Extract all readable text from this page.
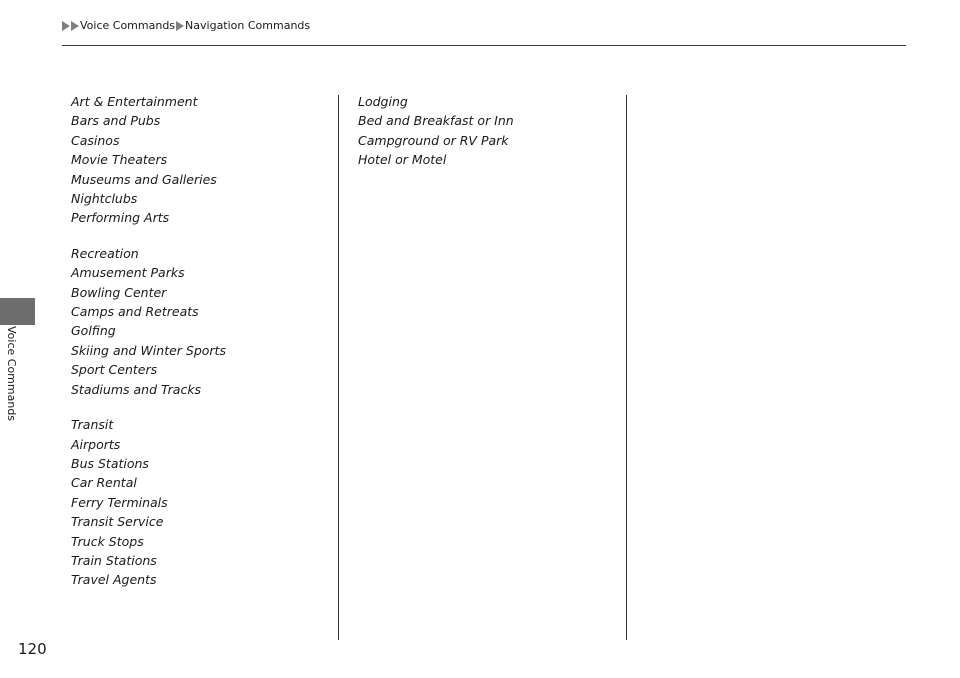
Voice Commands Navigation Commands
Voice Commands
Art & Entertainment
Bars and Pubs
Casinos
Movie Theaters
Museums and Galleries
Nightclubs
Performing Arts
Recreation
Amusement Parks
Bowling Center
Camps and Retreats
Golfing
Skiing and Winter Sports
Sport Centers
Stadiums and Tracks
Transit
Airports
Bus Stations
Car Rental
Ferry Terminals
Transit Service
Truck Stops
Train Stations
Travel Agents
Lodging
Bed and Breakfast or Inn
Campground or RV Park
Hotel or Motel
120
